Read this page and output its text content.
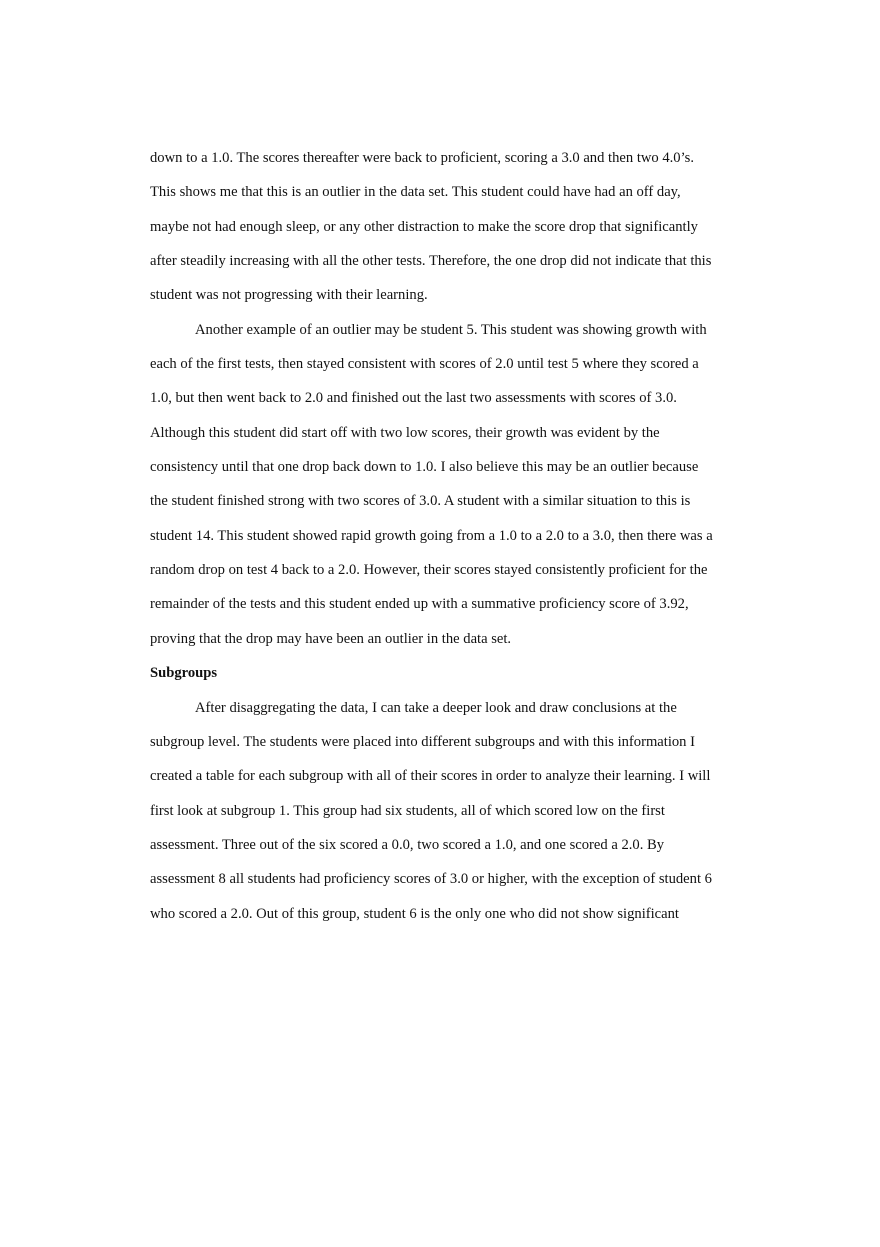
down to a 1.0. The scores thereafter were back to proficient, scoring a 3.0 and then two 4.0’s.
This shows me that this is an outlier in the data set. This student could have had an off day,
maybe not had enough sleep, or any other distraction to make the score drop that significantly
after steadily increasing with all the other tests. Therefore, the one drop did not indicate that this
student was not progressing with their learning.
Another example of an outlier may be student 5. This student was showing growth with
each of the first tests, then stayed consistent with scores of 2.0 until test 5 where they scored a
1.0, but then went back to 2.0 and finished out the last two assessments with scores of 3.0.
Although this student did start off with two low scores, their growth was evident by the
consistency until that one drop back down to 1.0. I also believe this may be an outlier because
the student finished strong with two scores of 3.0. A student with a similar situation to this is
student 14. This student showed rapid growth going from a 1.0 to a 2.0 to a 3.0, then there was a
random drop on test 4 back to a 2.0. However, their scores stayed consistently proficient for the
remainder of the tests and this student ended up with a summative proficiency score of 3.92,
proving that the drop may have been an outlier in the data set.
Subgroups
After disaggregating the data, I can take a deeper look and draw conclusions at the
subgroup level. The students were placed into different subgroups and with this information I
created a table for each subgroup with all of their scores in order to analyze their learning. I will
first look at subgroup 1. This group had six students, all of which scored low on the first
assessment. Three out of the six scored a 0.0, two scored a 1.0, and one scored a 2.0. By
assessment 8 all students had proficiency scores of 3.0 or higher, with the exception of student 6
who scored a 2.0. Out of this group, student 6 is the only one who did not show significant
